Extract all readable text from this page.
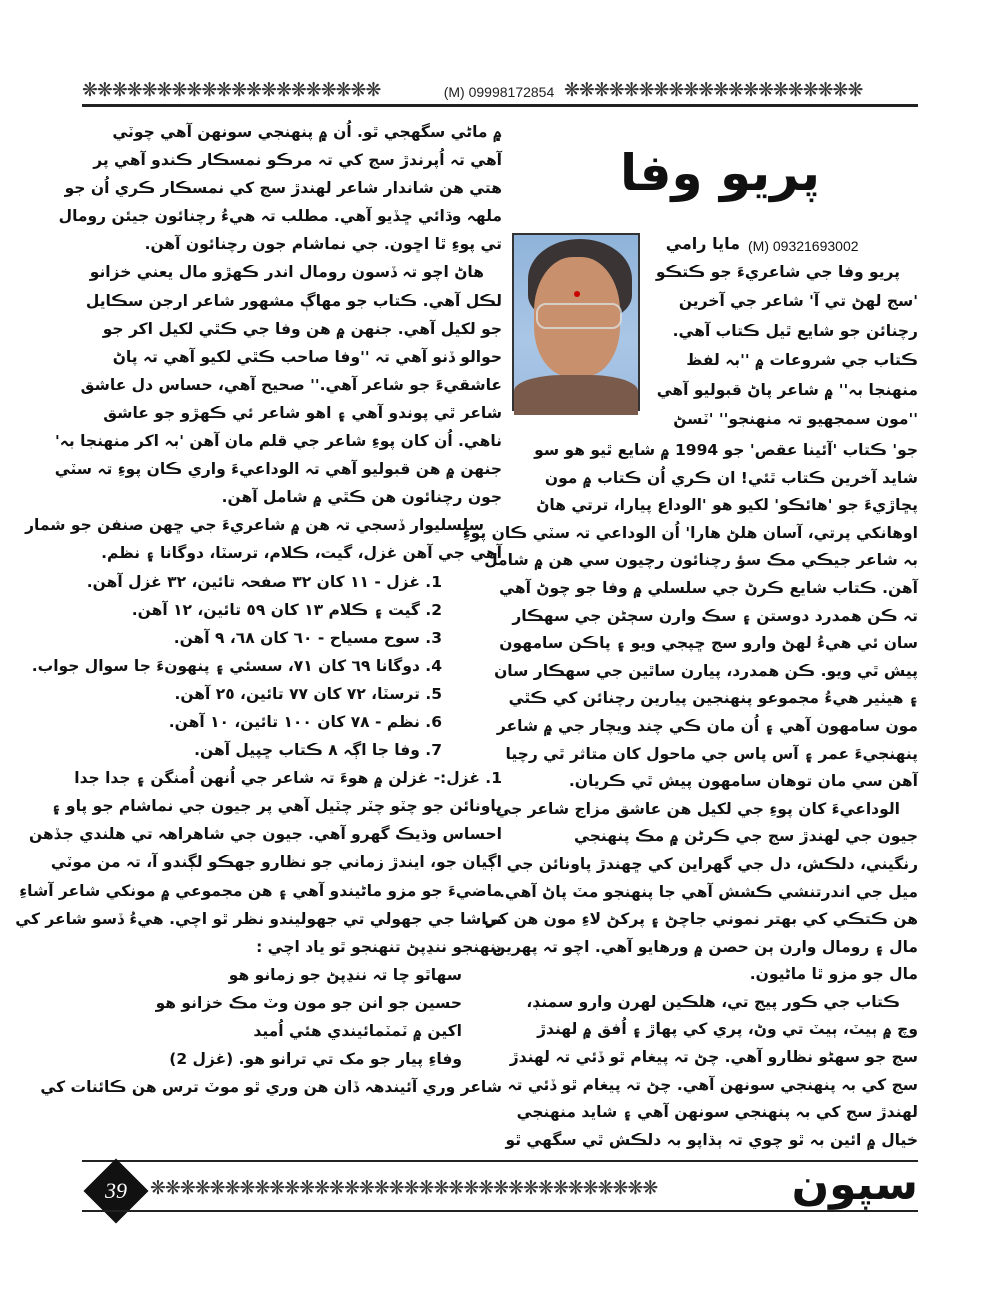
❋❋❋❋❋❋❋❋❋❋❋❋❋❋❋❋❋❋❋❋	(M) 09998172854 ❋❋❋❋❋❋❋❋❋❋❋❋❋❋❋❋❋❋❋❋
پريو وفا
مايا رامي (M) 09321693002
پريو وفا جي شاعريءَ جو ڪتڪو
'سج لهڻ تي آ' شاعر جي آخرين
رچنائن جو شايع ٿيل ڪتاب آهي.
ڪتاب جي شروعات ۾ ''بہ لفظ
منهنجا بہ'' ۾ شاعر پاڻ قبوليو آهي
''مون سمجهيو تہ منهنجو'' 'ٽسڻ
جو' ڪتاب 'آئينا عقص' جو 1994 ۾ شايع ٿيو هو سو
شايد آخرين ڪتاب ٿئي! ان ڪري اُن ڪتاب ۾ مون
پڇاڙيءَ جو 'هائڪو' لکيو هو 'الوداع پيارا، ترتي هاڻ
اوهانکي پرتي، آسان هلڻ هارا' اُن الوداعي تہ سٽي ڪان پوءِ
بہ شاعر جيڪي مڪ سؤ رچنائون رچيون سي هن ۾ شامل
آهن. ڪتاب شايع ڪرڻ جي سلسلي ۾ وفا جو چوڻ آهي
تہ ڪن همدرد دوستن ۽ سڪ وارن سڄڻن جي سهڪار
سان ئي هيءُ لهڻ وارو سج ڇپجي ويو ۽ پاڪن سامهون
پيش ٿي ويو. ڪن همدرد، پيارن ساٿين جي سهڪار سان
۽ هيٺير هيءُ مجموعو پنهنجين پيارين رچنائن کي ڪٿي
مون سامهون آهي ۽ اُن مان ڪي چند ويچار جي ۾ شاعر
پنهنجيءَ عمر ۽ آس پاس جي ماحول کان متاثر ٿي رچيا
آهن سي مان توهان سامهون پيش ٿي ڪريان.
الوداعيءَ کان پوءِ جي لکيل هن عاشق مزاج شاعر جي
جيون جي لهندڙ سج جي ڪرڻن ۾ مڪ پنهنجي
رنگيني، دلڪش، دل جي گهراين کي ڇهندڙ پاونائن جي
ميل جي اندرتنشي ڪشش آهي جا پنهنجو مٽ پاڻ آهي.
هن ڪتڪي کي بهتر نموني جاچڻ ۽ پرکڻ لاءِ مون هن کي
مال ۽ رومال وارن ٻن حصن ۾ ورهايو آهي. اچو تہ پهرين
مال جو مزو ٿا ماڻيون.
ڪتاب جي ڪور پيج تي، هلڪين لهرن وارو سمنڊ،
وچ ۾ ٻيٽ، ٻيٽ تي وڻ، پري کي پهاڙ ۽ اُفق ۾ لهندڙ
سج جو سهڻو نظارو آهي. چڻ تہ پيغام ٿو ڏئي تہ لهندڙ
سج کي بہ پنهنجي سونهن آهي. چڻ تہ پيغام ٿو ڏئي تہ
لهندڙ سج کي بہ پنهنجي سونهن آهي ۽ شايد منهنجي
خيال ۾ ائين بہ ٿو چوي تہ ٻڌاپو بہ دلڪش ٿي سگهي ٿو
۾ ماڻي سگهجي ٿو. اُن ۾ پنهنجي سونهن آهي چوٽي
آهي تہ اُپرندڙ سج کي تہ مرڪو نمسڪار ڪندو آهي پر
هتي هن شاندار شاعر لهندڙ سج کي نمسڪار ڪري اُن جو
ملهہ وڌائي ڇڏيو آهي. مطلب تہ هيءُ رچنائون جيئن رومال
تي پوءِ ٿا اڇون. جي نماشام جون رچنائون آهن.
هاڻ اچو تہ ڏسون رومال اندر ڪهڙو مال يعني خزانو
لڪل آهي. ڪتاب جو مهاڳ مشهور شاعر ارجن سڪايل
جو لکيل آهي. جنهن ۾ هن وفا جي ڪٿي لکيل اکر جو
حوالو ڏنو آهي تہ ''وفا صاحب ڪٿي لکيو آهي تہ پاڻ
عاشقيءَ جو شاعر آهي.'' صحيح آهي، حساس دل عاشق
شاعر ٿي پوندو آهي ۽ اهو شاعر ئي ڪهڙو جو عاشق
ناهي. اُن کان پوءِ شاعر جي قلم مان آهن 'بہ اکر منهنجا بہ'
جنهن ۾ هن قبوليو آهي تہ الوداعيءَ واري ڪان پوءِ تہ سٽي
جون رچنائون هن ڪٿي ۾ شامل آهن.
سلسليوار ڏسجي تہ هن ۾ شاعريءَ جي ڇهن صنفن جو شمار
آهي جي آهن غزل، گيت، ڪلام، ترسٽا، دوگانا ۽ نظم.
1. غزل - ١١ کان ٣٢ صفحہ تائين، ٣٢ غزل آهن.
2. گيت ۽ ڪلام ١٣ کان ٥٩ تائين، ١٢ آهن.
3. سوح مسياح - ٦٠ کان ٦٨، ٩ آهن.
4. دوگانا ٦٩ کان ٧١، سسئي ۽ پنهونءَ جا سوال جواب.
5. ترسٽا، ٧٢ کان ٧٧ تائين، ٢٥ آهن.
6. نظم - ٧٨ کان ١٠٠ تائين، ١٠ آهن.
7. وفا جا اڳہ ٨ ڪتاب ڇپيل آهن.
1. غزل:- غزلن ۾ هوءَ تہ شاعر جي اُنهن اُمنگن ۽ جدا جدا
پاونائن جو چٽو چٽر چٽيل آهي پر جيون جي نماشام جو پاو ۽
احساس وڌيڪ گهرو آهي. جيون جي شاهراهہ تي هلندي جڏهن
اڳيان جو، ايندڙ زماني جو نظارو جهڪو لڳندو آ، تہ من موٽي
ماضيءَ جو مزو ماڻيندو آهي ۽ هن مجموعي ۾ مونکي شاعر آشاءِ
نراشا جي جهولي تي جهوليندو نظر ٿو اچي. هيءُ ڏسو شاعر کي
پنهنجو ننڍپڻ تنهنجو ٿو ياد اچي :
سهاٿو چا تہ ننڍپڻ جو زمانو هو
حسين جو انن جو مون وٽ مڪ خزانو هو
اکين ۾ ٽمٽمائيندي هئي اُميد
وفاءِ پيار جو مک تي ترانو هو. (غزل 2)
شاعر وري آئيندهہ ڏان هن وري ٿو موٽ ترس هن ڪائنات کي
❋❋❋❋❋❋❋❋❋❋❋❋❋❋❋❋❋❋❋❋❋❋❋❋❋❋❋❋❋❋❋❋❋❋
39	سپون
